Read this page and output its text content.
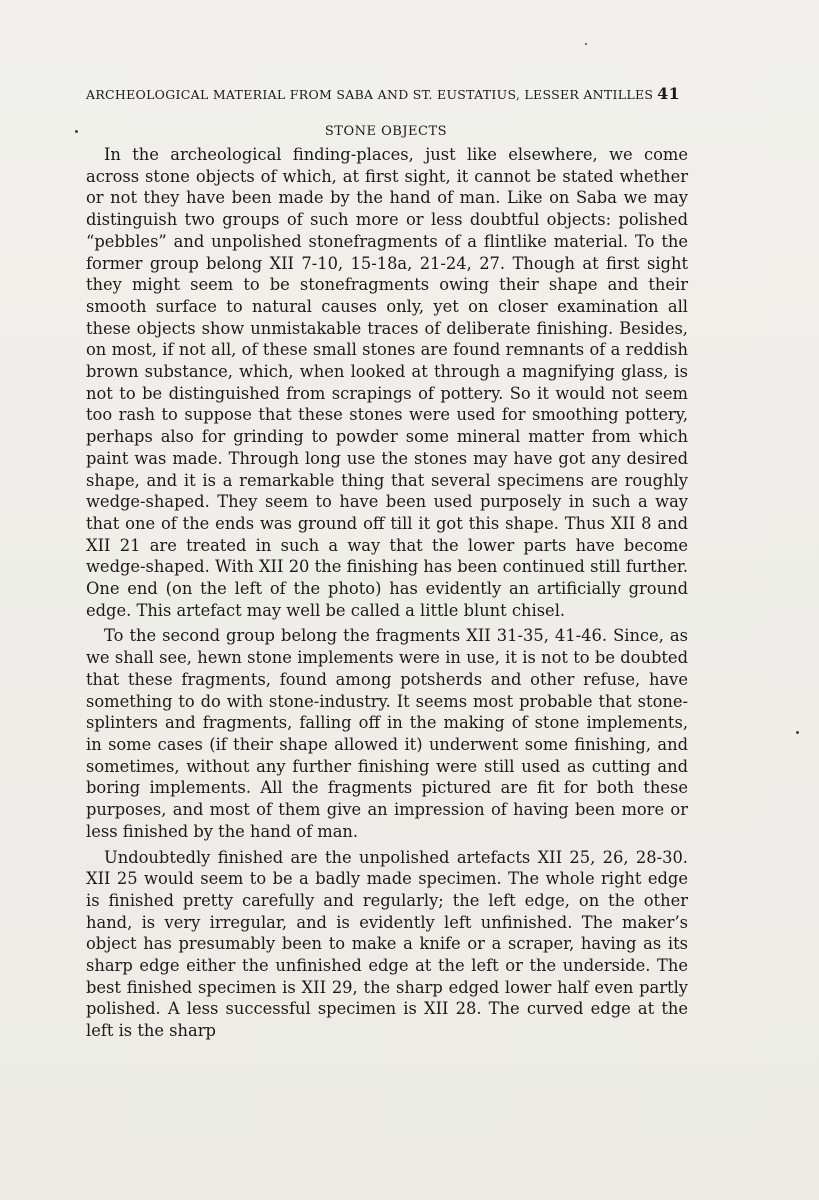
ARCHEOLOGICAL MATERIAL FROM SABA AND ST. EUSTATIUS, LESSER ANTILLES 41
STONE OBJECTS

In the archeological finding-places, just like elsewhere, we come across stone objects of which, at first sight, it cannot be stated whether or not they have been made by the hand of man. Like on Saba we may distinguish two groups of such more or less doubtful objects: polished “pebbles” and unpolished stonefragments of a flintlike material. To the former group belong XII 7-10, 15-18a, 21-24, 27. Though at first sight they might seem to be stonefragments owing their shape and their smooth surface to natural causes only, yet on closer examination all these objects show unmistakable traces of deliberate finishing. Besides, on most, if not all, of these small stones are found remnants of a reddish brown substance, which, when looked at through a magnifying glass, is not to be distinguished from scrapings of pottery. So it would not seem too rash to suppose that these stones were used for smoothing pottery, perhaps also for grinding to powder some mineral matter from which paint was made. Through long use the stones may have got any desired shape, and it is a remarkable thing that several specimens are roughly wedge-shaped. They seem to have been used purposely in such a way that one of the ends was ground off till it got this shape. Thus XII 8 and XII 21 are treated in such a way that the lower parts have become wedge-shaped. With XII 20 the finishing has been continued still further. One end (on the left of the photo) has evidently an artificially ground edge. This artefact may well be called a little blunt chisel.

To the second group belong the fragments XII 31-35, 41-46. Since, as we shall see, hewn stone implements were in use, it is not to be doubted that these fragments, found among potsherds and other refuse, have something to do with stone-industry. It seems most probable that stone-splinters and fragments, falling off in the making of stone implements, in some cases (if their shape allowed it) underwent some finishing, and sometimes, without any further finishing were still used as cutting and boring implements. All the fragments pictured are fit for both these purposes, and most of them give an impression of having been more or less finished by the hand of man.

Undoubtedly finished are the unpolished artefacts XII 25, 26, 28-30. XII 25 would seem to be a badly made specimen. The whole right edge is finished pretty carefully and regularly; the left edge, on the other hand, is very irregular, and is evidently left unfinished. The maker’s object has presumably been to make a knife or a scraper, having as its sharp edge either the unfinished edge at the left or the underside. The best finished specimen is XII 29, the sharp edged lower half even partly polished. A less successful specimen is XII 28. The curved edge at the left is the sharp
